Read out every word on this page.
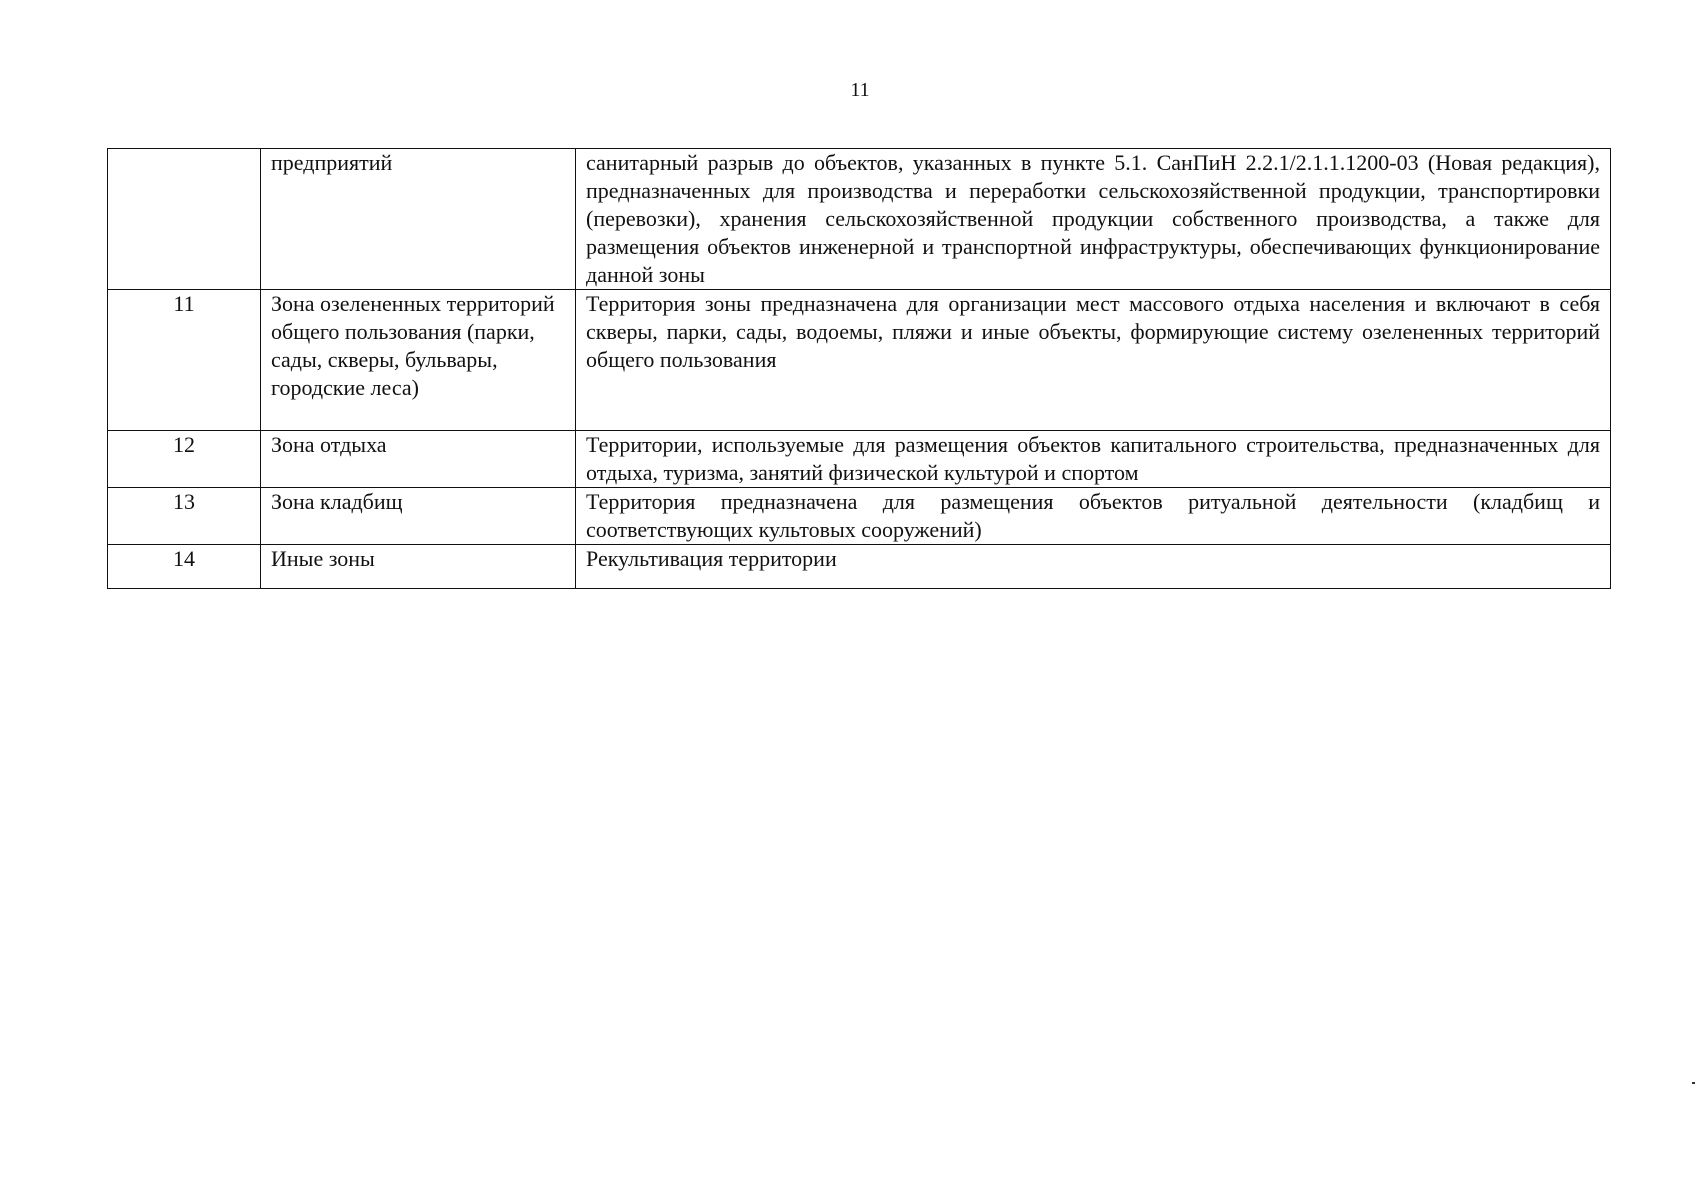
11
	предприятий	санитарный разрыв до объектов, указанных в пункте 5.1. СанПиН 2.2.1/2.1.1.1200-03 (Новая редакция), предназначенных для производства и переработки сельскохозяйственной продукции, транспортировки (перевозки), хранения сельскохозяйственной продукции собственного производства, а также для размещения объектов инженерной и транспортной инфраструктуры, обеспечивающих функционирование данной зоны
11	Зона озелененных территорий общего пользования (парки, сады, скверы, бульвары, городские леса)	Территория зоны предназначена для организации мест массового отдыха населения и включают в себя скверы, парки, сады, водоемы, пляжи и иные объекты, формирующие систему озелененных территорий общего пользования
12	Зона отдыха	Территории, используемые для размещения объектов капитального строительства, предназначенных для отдыха, туризма, занятий физической культурой и спортом
13	Зона кладбищ	Территория предназначена для размещения объектов ритуальной деятельности (кладбищ и соответствующих культовых сооружений)
14	Иные зоны	Рекультивация территории
